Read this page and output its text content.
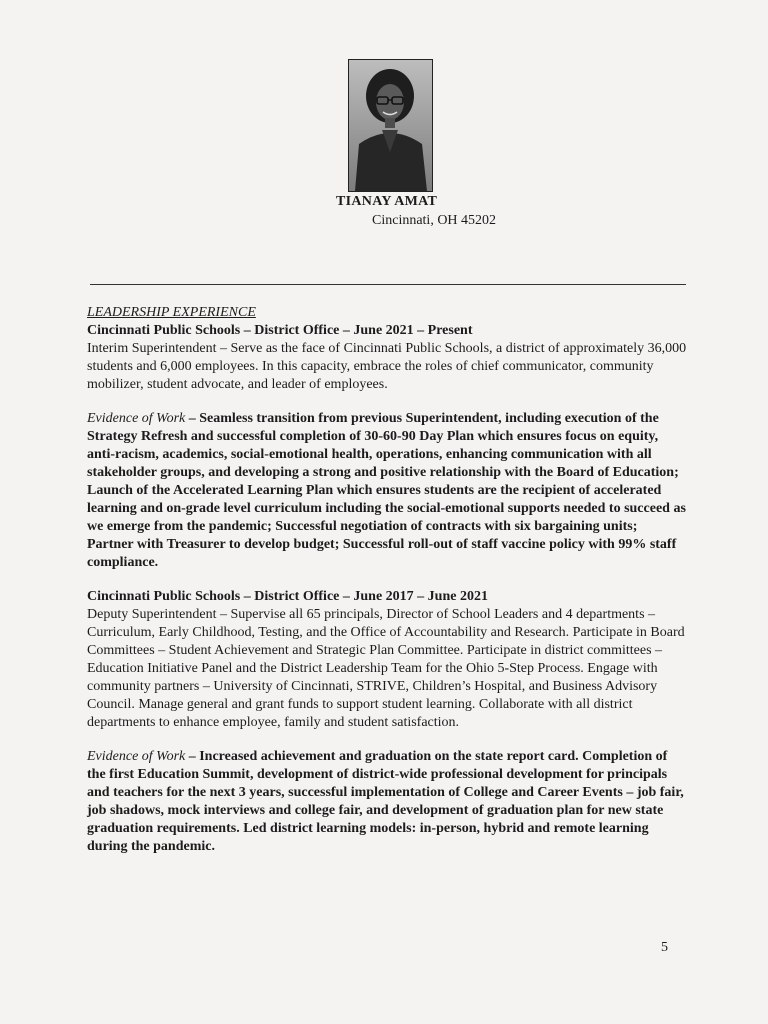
TIANAY AMAT
Cincinnati, OH 45202
LEADERSHIP EXPERIENCE
Cincinnati Public Schools – District Office – June 2021 – Present

Interim Superintendent – Serve as the face of Cincinnati Public Schools, a district of approximately 36,000 students and 6,000 employees. In this capacity, embrace the roles of chief communicator, community mobilizer, student advocate, and leader of employees.

Evidence of Work – Seamless transition from previous Superintendent, including execution of the Strategy Refresh and successful completion of 30-60-90 Day Plan which ensures focus on equity, anti-racism, academics, social-emotional health, operations, enhancing communication with all stakeholder groups, and developing a strong and positive relationship with the Board of Education; Launch of the Accelerated Learning Plan which ensures students are the recipient of accelerated learning and on-grade level curriculum including the social-emotional supports needed to succeed as we emerge from the pandemic; Successful negotiation of contracts with six bargaining units; Partner with Treasurer to develop budget; Successful roll-out of staff vaccine policy with 99% staff compliance.

Cincinnati Public Schools – District Office – June 2017 – June 2021

Deputy Superintendent – Supervise all 65 principals, Director of School Leaders and 4 departments – Curriculum, Early Childhood, Testing, and the Office of Accountability and Research. Participate in Board Committees – Student Achievement and Strategic Plan Committee. Participate in district committees – Education Initiative Panel and the District Leadership Team for the Ohio 5-Step Process. Engage with community partners – University of Cincinnati, STRIVE, Children’s Hospital, and Business Advisory Council. Manage general and grant funds to support student learning. Collaborate with all district departments to enhance employee, family and student satisfaction.

Evidence of Work – Increased achievement and graduation on the state report card. Completion of the first Education Summit, development of district-wide professional development for principals and teachers for the next 3 years, successful implementation of College and Career Events – job fair, job shadows, mock interviews and college fair, and development of graduation plan for new state graduation requirements. Led district learning models: in-person, hybrid and remote learning during the pandemic.

5
